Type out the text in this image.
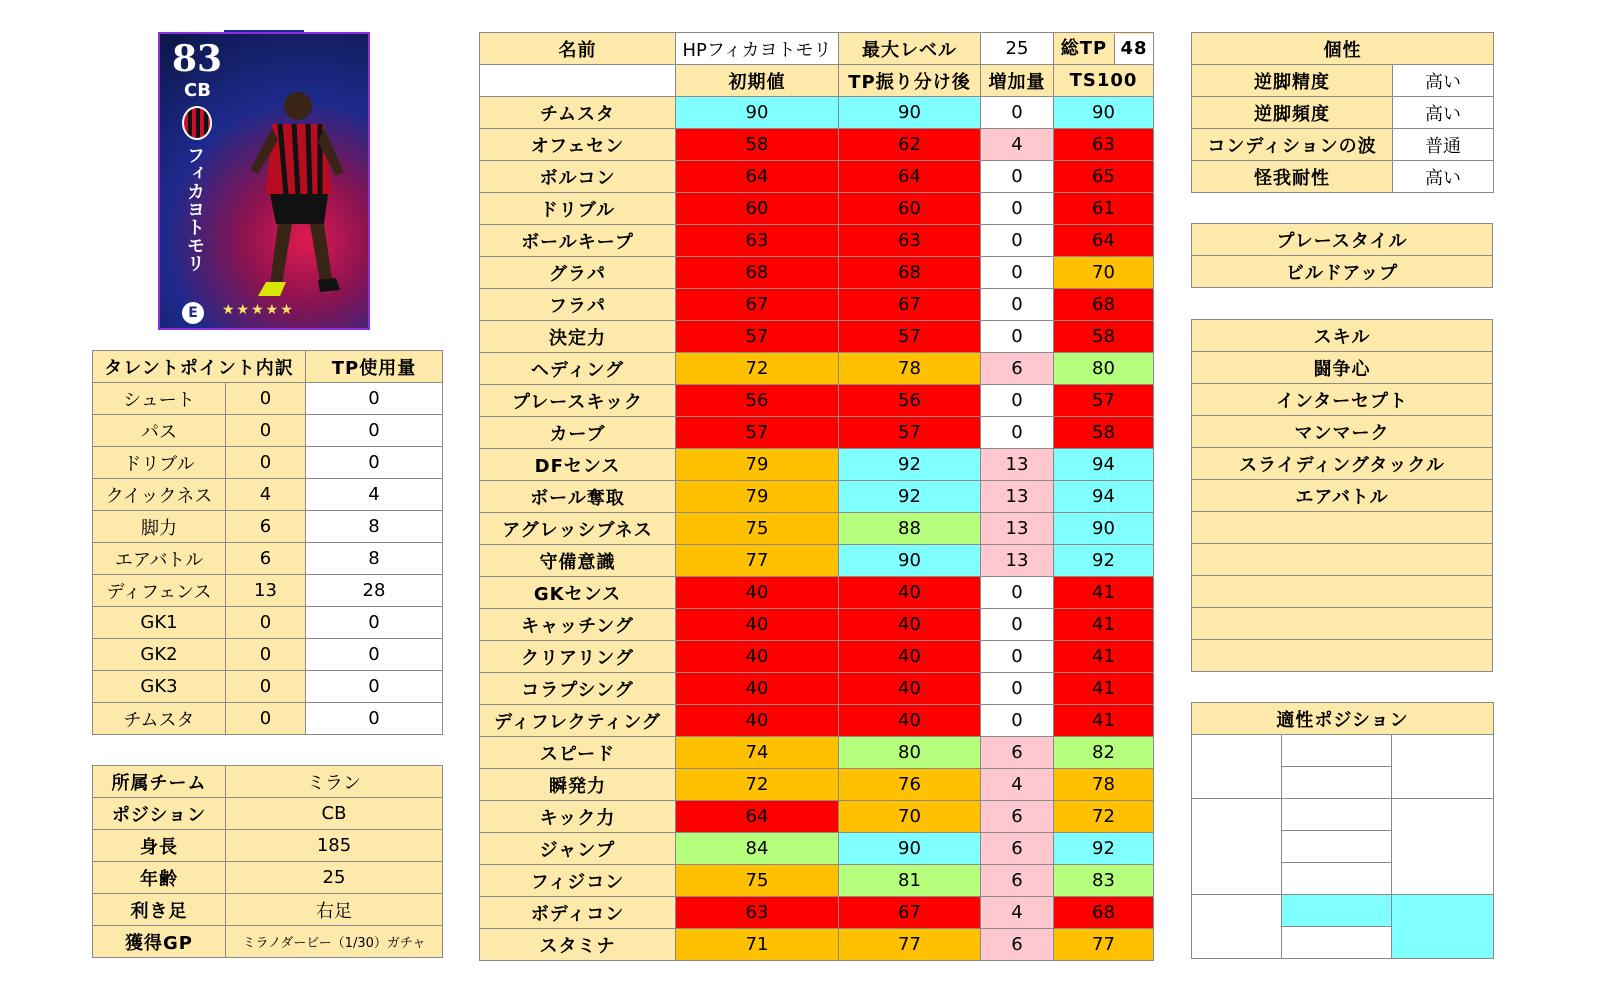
83
CB
フィカヨトモリ
E	★★★★★
タレントポイント内訳		TP使用量
シュート	0	0
パス	0	0
ドリブル	0	0
クイックネス	4	4
脚力	6	8
エアバトル	6	8
ディフェンス	13	28
GK1	0	0
GK2	0	0
GK3	0	0
チムスタ	0	0
所属チーム	ミラン
ポジション	CB
身長	185
年齢	25
利き足	右足
獲得GP	ミラノダービー（1/30）ガチャ
名前	HPフィカヨトモリ	最大レベル	25	総TP 48

	初期値	TP振り分け後	増加量	TS100
チムスタ	90	90	0	90
オフェセン	58	62	4	63
ボルコン	64	64	0	65
ドリブル	60	60	0	61
ボールキープ	63	63	0	64
グラパ	68	68	0	70
フラパ	67	67	0	68
決定力	57	57	0	58
ヘディング	72	78	6	80
プレースキック	56	56	0	57
カーブ	57	57	0	58
DFセンス	79	92	13	94
ボール奪取	79	92	13	94
アグレッシブネス	75	88	13	90
守備意識	77	90	13	92
GKセンス	40	40	0	41
キャッチング	40	40	0	41
クリアリング	40	40	0	41
コラプシング	40	40	0	41
ディフレクティング	40	40	0	41
スピード	74	80	6	82
瞬発力	72	76	4	78
キック力	64	70	6	72
ジャンプ	84	90	6	92
フィジコン	75	81	6	83
ボディコン	63	67	4	68
スタミナ	71	77	6	77
個性	
逆脚精度	高い
逆脚頻度	高い
コンディションの波	普通
怪我耐性	高い
プレースタイル
ビルドアップ
スキル
闘争心
インターセプト
マンマーク
スライディングタックル
エアバトル

適性ポジション		
